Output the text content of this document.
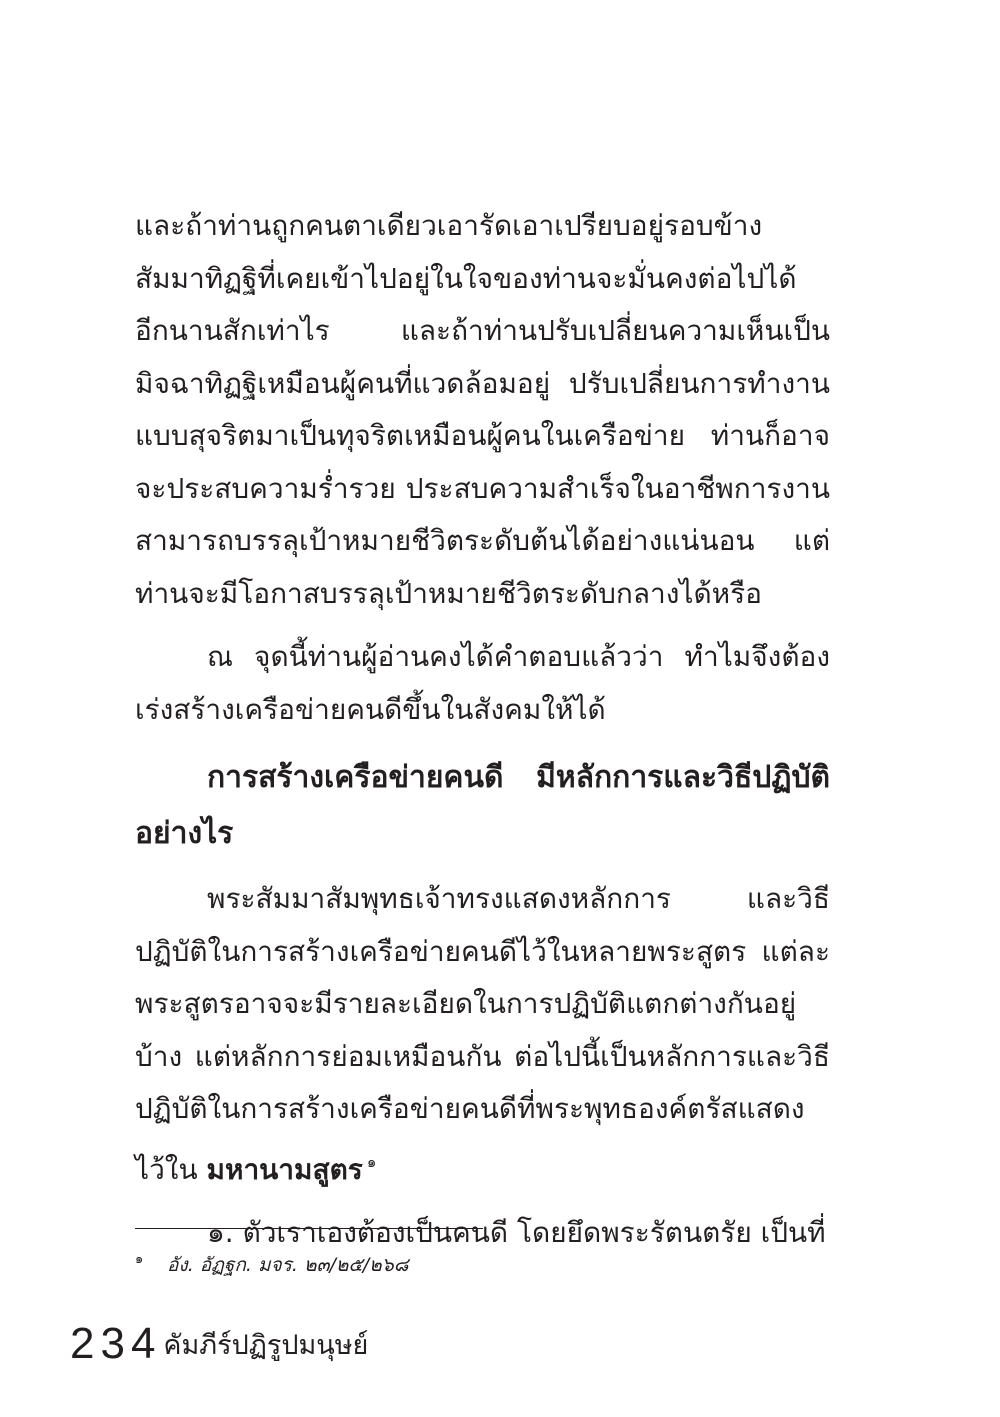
และถ้าท่านถูกคนตาเดียวเอารัดเอาเปรียบอยู่รอบข้าง สัมมาทิฏฐิที่เคยเข้าไปอยู่ในใจของท่านจะมั่นคงต่อไปได้อีกนานสักเท่าไร และถ้าท่านปรับเปลี่ยนความเห็นเป็นมิจฉาทิฏฐิเหมือนผู้คนที่แวดล้อมอยู่ ปรับเปลี่ยนการทำงานแบบสุจริตมาเป็นทุจริตเหมือนผู้คนในเครือข่าย ท่านก็อาจจะประสบความร่ำรวย ประสบความสำเร็จในอาชีพการงาน สามารถบรรลุเป้าหมายชีวิตระดับต้นได้อย่างแน่นอน แต่ท่านจะมีโอกาสบรรลุเป้าหมายชีวิตระดับกลางได้หรือ

ณ จุดนี้ท่านผู้อ่านคงได้คำตอบแล้วว่า ทำไมจึงต้องเร่งสร้างเครือข่ายคนดีขึ้นในสังคมให้ได้

การสร้างเครือข่ายคนดี มีหลักการและวิธีปฏิบัติอย่างไร

พระสัมมาสัมพุทธเจ้าทรงแสดงหลักการ และวิธีปฏิบัติในการสร้างเครือข่ายคนดีไว้ในหลายพระสูตร แต่ละพระสูตรอาจจะมีรายละเอียดในการปฏิบัติแตกต่างกันอยู่บ้าง แต่หลักการย่อมเหมือนกัน ต่อไปนี้เป็นหลักการและวิธีปฏิบัติในการสร้างเครือข่ายคนดีที่พระพุทธองค์ตรัสแสดงไว้ใน มหานามสูตร $^๑$

๑. ตัวเราเองต้องเป็นคนดี โดยยึดพระรัตนตรัย เป็นที่

๑ อัง. อัฏฐก. มจร. ๒๓/๒๕/๒๖๘
234 คัมภีร์ปฏิรูปมนุษย์
